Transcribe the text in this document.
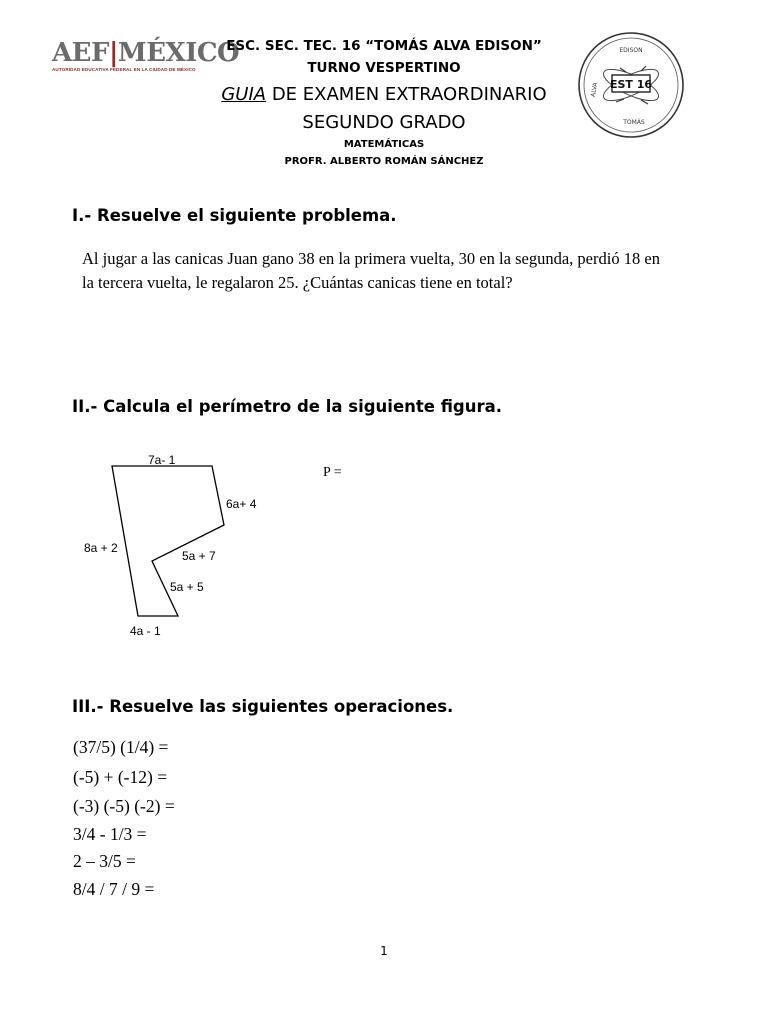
AEF|MÉXICO
AUTORIDAD EDUCATIVA FEDERAL EN LA CIUDAD DE MÉXICO
ESC. SEC. TEC. 16 “TOMÁS ALVA EDISON”
TURNO VESPERTINO
GUIA DE EXAMEN EXTRAORDINARIO
SEGUNDO GRADO
MATEMÁTICAS
PROFR. ALBERTO ROMÁN SÁNCHEZ
EST 16
EDISON
ALVA
TOMÁS
I.- Resuelve el siguiente problema.
Al jugar a las canicas Juan gano 38 en la primera vuelta, 30 en la segunda, perdió 18 en la tercera vuelta, le regalaron 25. ¿Cuántas canicas tiene en total?
II.- Calcula el perímetro de la siguiente figura.
7a- 1
6a+ 4
8a + 2
5a + 7
5a + 5
4a - 1
P =
III.- Resuelve las siguientes operaciones.
(37/5) (1/4) =
(-5) + (-12) =
(-3) (-5) (-2) =
3/4 - 1/3 =
2 – 3/5 =
8/4 / 7 / 9 =
1
